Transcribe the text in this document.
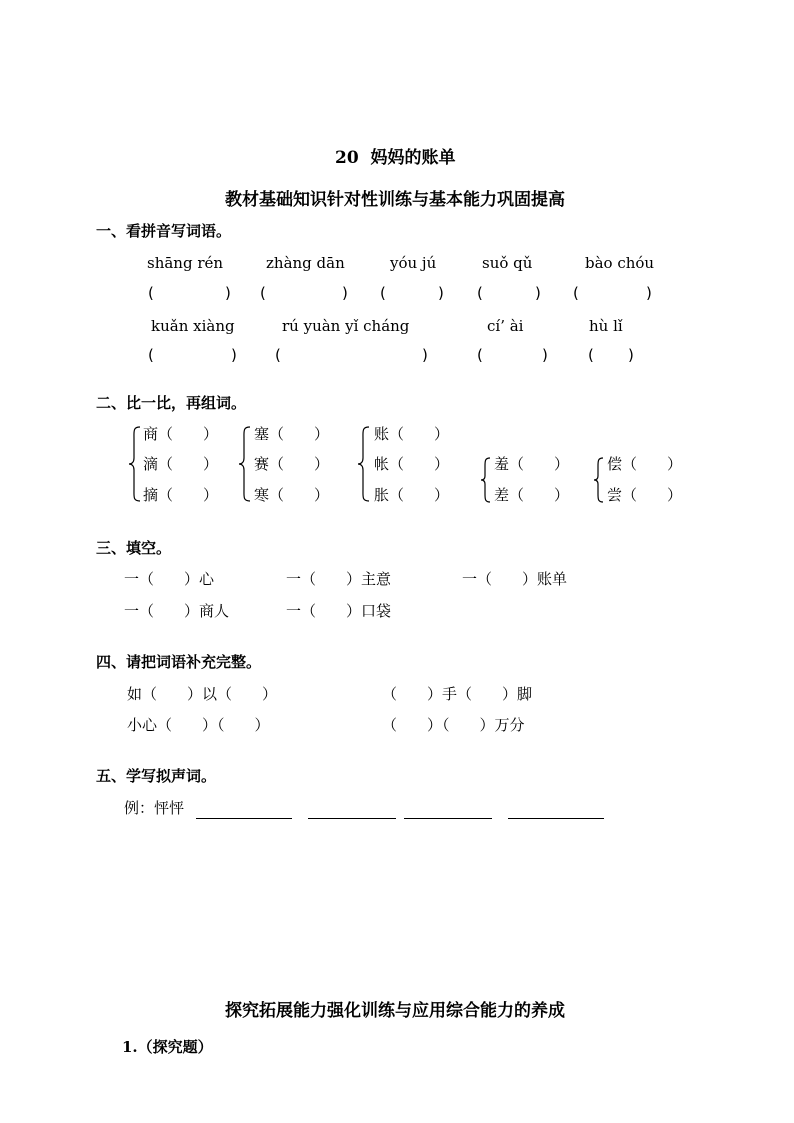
20  妈妈的账单
教材基础知识针对性训练与基本能力巩固提高
一、看拼音写词语。
shāng rén	zhàng dān	yóu jú	suǒ qǔ	bào chóu
(	) (	) (	) (	) (	)
kuǎn xiàng	rú yuàn yǐ cháng	cí’ ài	hù lǐ
(	)	(	)	(	)	( )
二、比一比，再组词。
商（　　）
滴（　　）
摘（　　）
塞（　　）
赛（　　）
寒（　　）
账（　　）
帐（　　）
胀（　　）
羞（　　）
差（　　）
偿（　　）
尝（　　）
三、填空。
一（　　）心	一（　　）主意	一（　　）账单
一（　　）商人	一（　　）口袋
四、请把词语补充完整。
如（　　）以（　　）	（　　）手（　　）脚
小心（　　）（　　）	（　　）（　　）万分
五、学写拟声词。
例：怦怦
探究拓展能力强化训练与应用综合能力的养成
1.（探究题）
